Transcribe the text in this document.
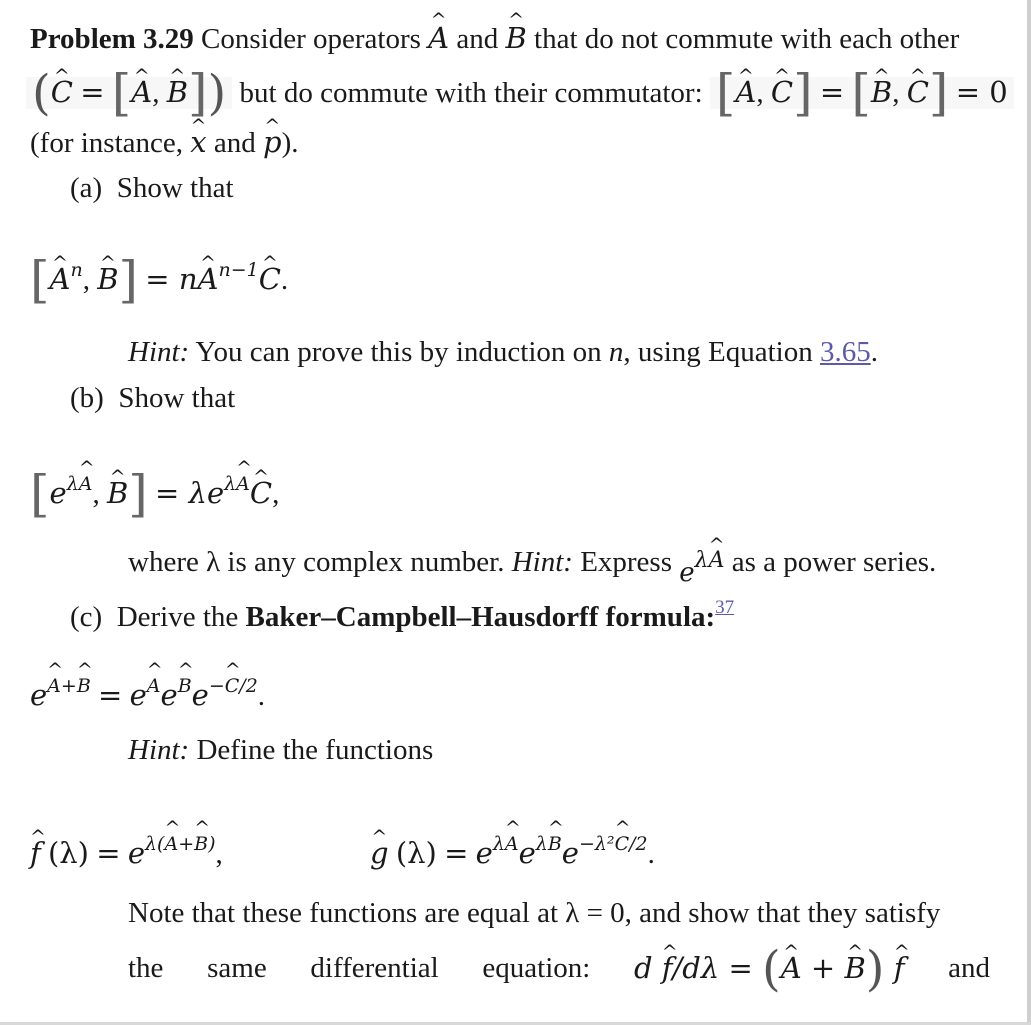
Problem 3.29 Consider operators A ^ and B ^ that do not commute with each other
(C ^ = [A ^, B ^]) but do commute with their commutator: [A ^, C ^] = [B ^, C ^] = 0
(for instance, x ^ and p ^).
(a) Show that
[A ^$^n$, B ^] = nA ^$^{n-1}$C ^.
Hint: You can prove this by induction on n, using Equation 3.65.
(b) Show that
[$e^{\lambda A}$ ^, B ^] = $\lambda e^{\lambda A}$ ^C ^,
where λ is any complex number. Hint: Express eλA ^ as a power series.
(c) Derive the Baker–Campbell–Hausdorff formula:$^{37}$
$e^{A \^{}+B}$ ^ = $e^A$ $\^{}e^B$ $\^{}e^{-C \^{}/2}$.
Hint: Define the functions
f ^ $(\lambda) = e^{\lambda(A \^{}+B \^{})}$,	g ^ $(\lambda) = e^{\lambda A}$ $\^{}e^{\lambda B}$ $\^{}e^{-\lambda^2C \^{}/2}$.
Note that these functions are equal at λ = 0, and show that they satisfy
the same differential equation: d f ^/dλ = (A ^ + B ^) f ^ and
